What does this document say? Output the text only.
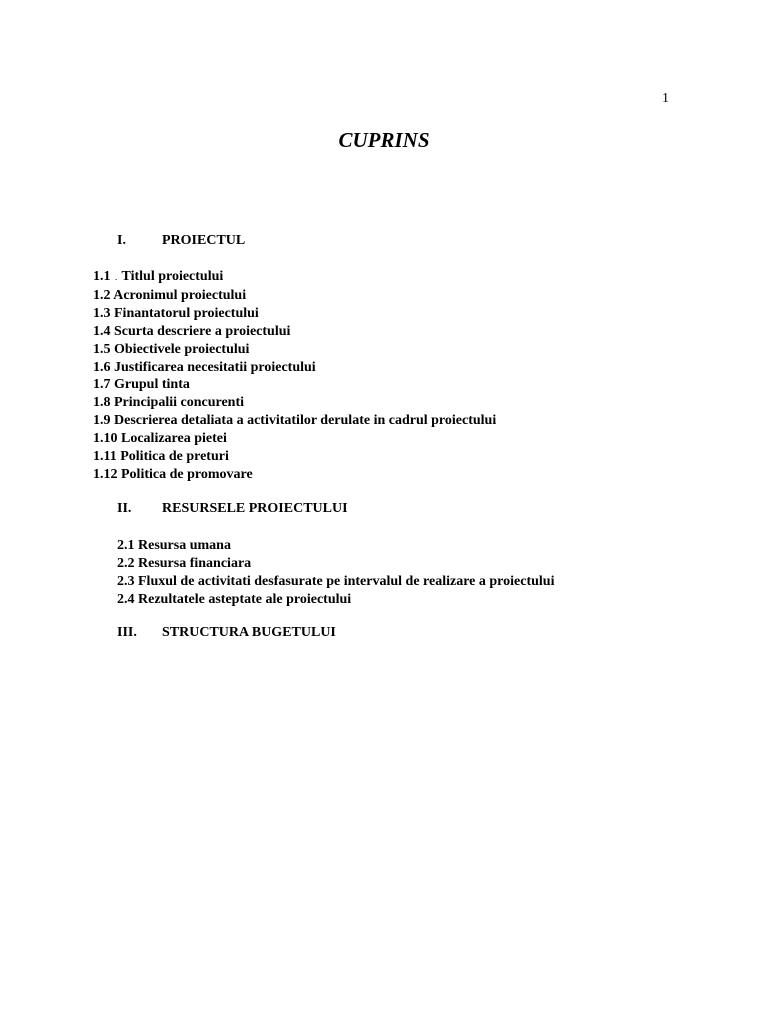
1
CUPRINS
I.	PROIECTUL
1.1 . Titlul proiectului
1.2 Acronimul proiectului
1.3 Finantatorul proiectului
1.4 Scurta descriere a proiectului
1.5 Obiectivele proiectului
1.6 Justificarea necesitatii proiectului
1.7 Grupul tinta
1.8 Principalii concurenti
1.9 Descrierea detaliata a activitatilor derulate in cadrul proiectului
1.10 Localizarea pietei
1.11 Politica de preturi
1.12 Politica de promovare
II. RESURSELE PROIECTULUI
2.1 Resursa umana
2.2 Resursa financiara
2.3 Fluxul de activitati desfasurate pe intervalul de realizare a proiectului
2.4 Rezultatele asteptate ale proiectului
III. STRUCTURA BUGETULUI
